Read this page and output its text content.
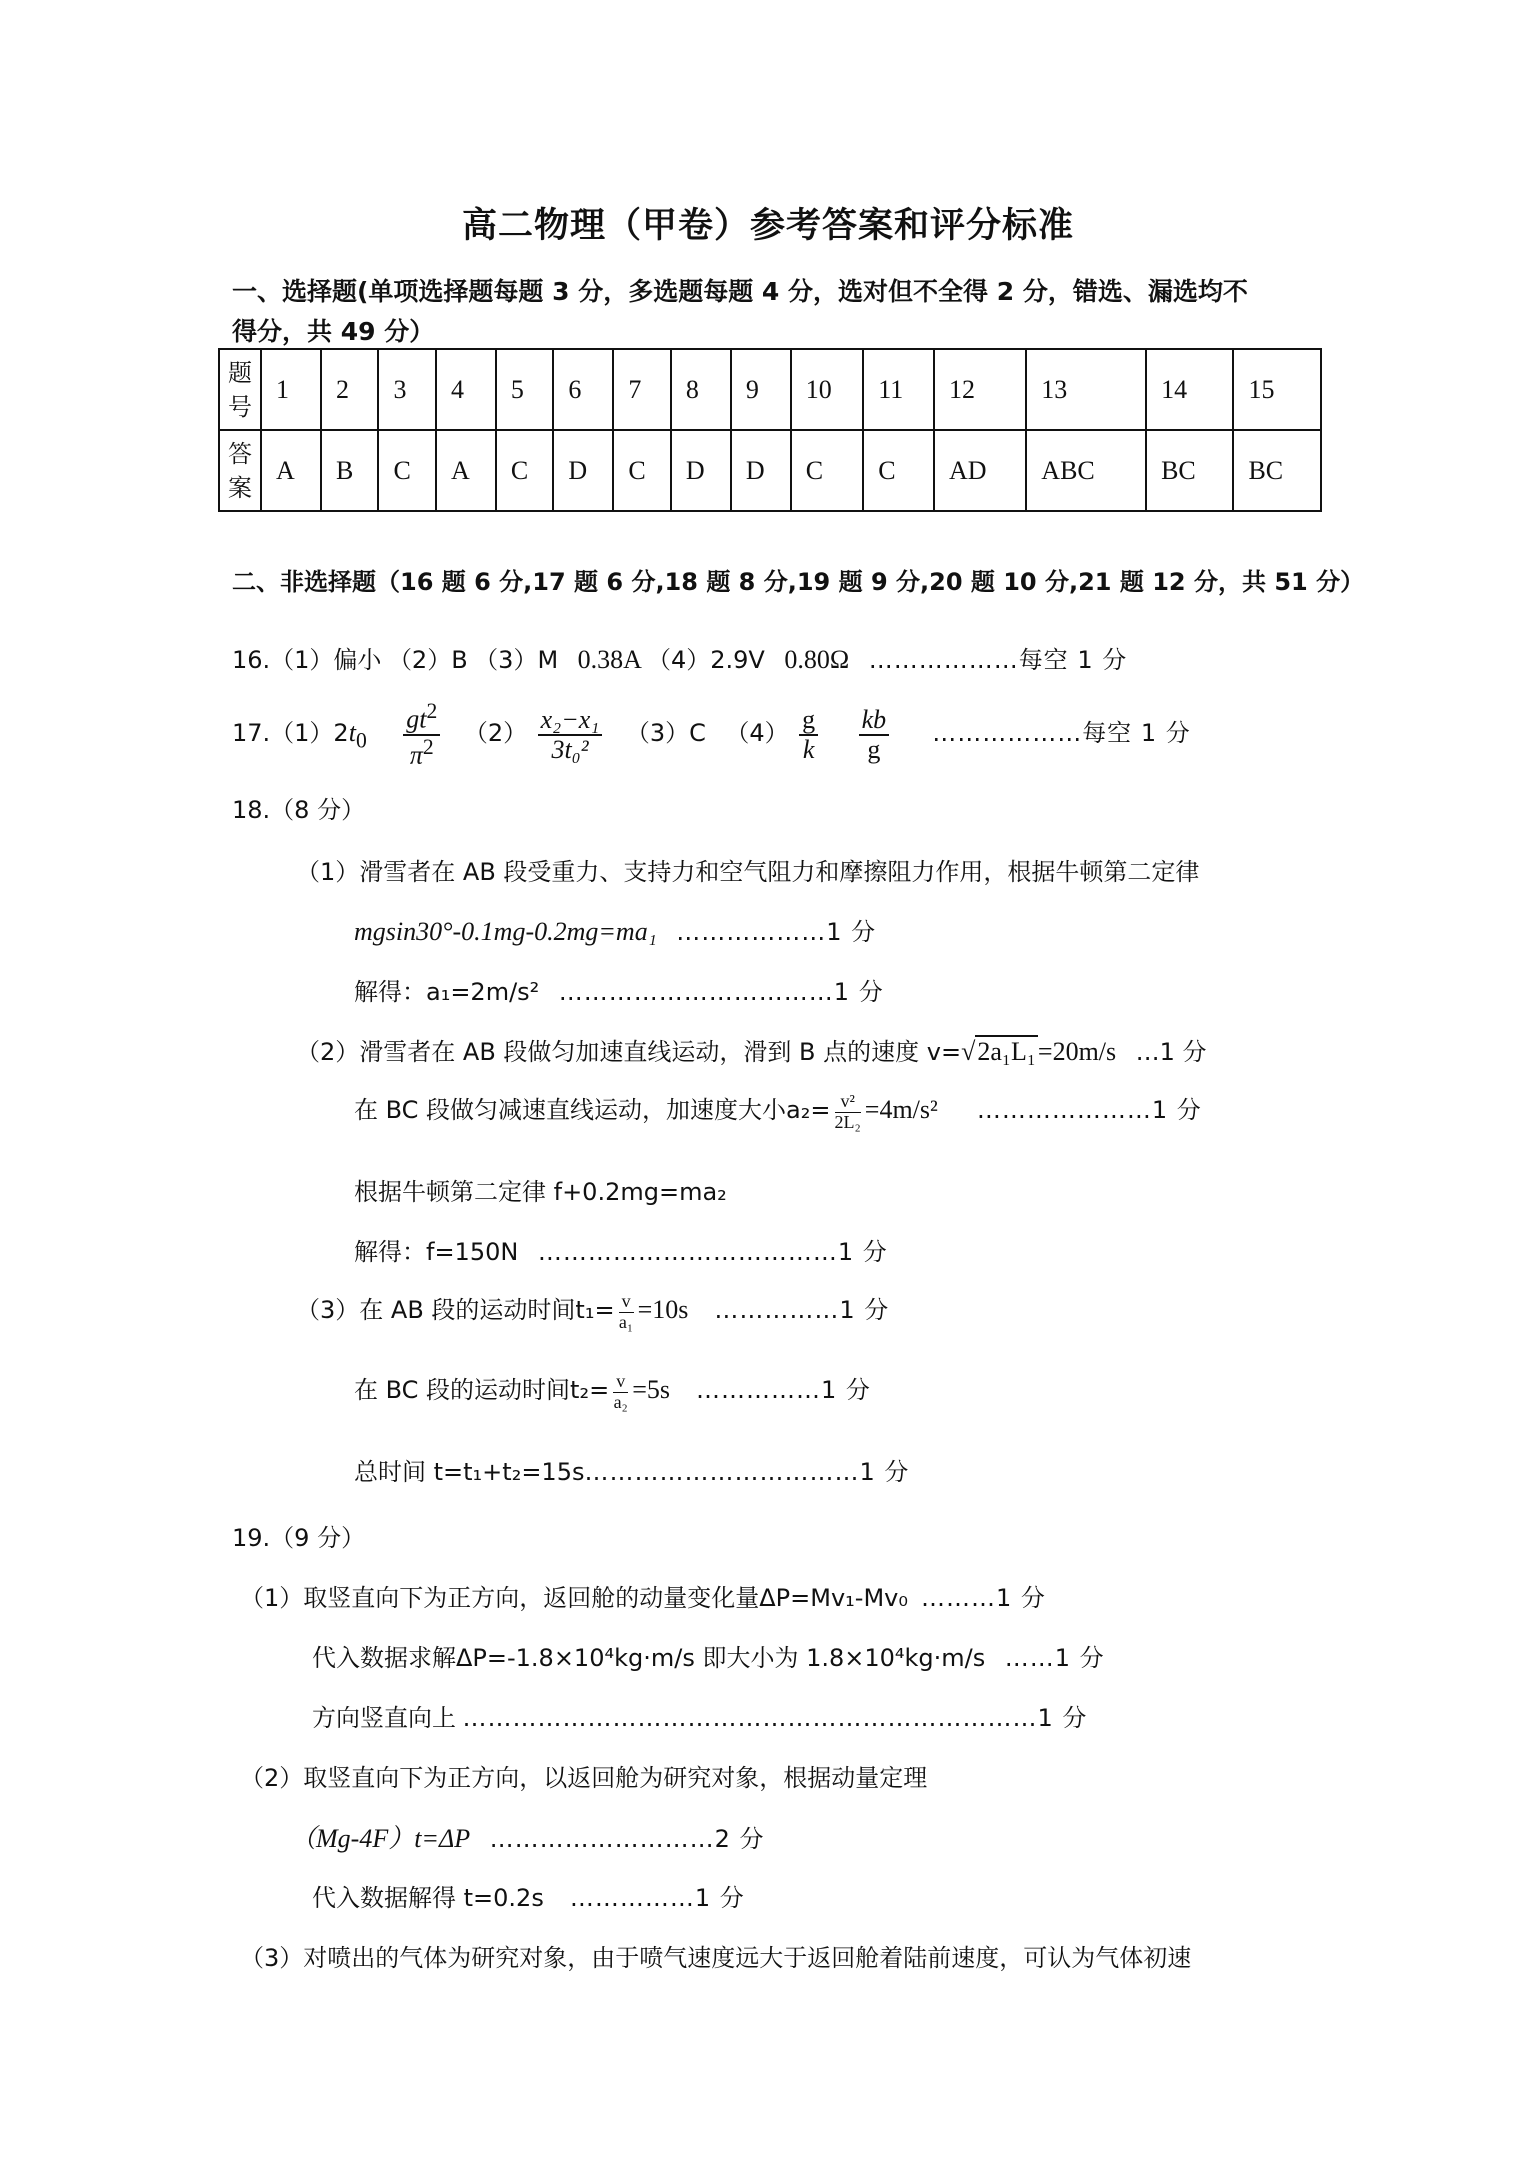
高二物理（甲卷）参考答案和评分标准
一、选择题(单项选择题每题 3 分，多选题每题 4 分，选对但不全得 2 分，错选、漏选均不
得分，共 49 分）
题
号	1	2	3	4	5	6	7	8	9	10	11	12	13	14	15
答
案	A	B	C	A	C	D	C	D	D	C	C	AD	ABC	BC	BC
二、非选择题（16 题 6 分,17 题 6 分,18 题 8 分,19 题 9 分,20 题 10 分,21 题 12 分，共 51 分）
16.（1）偏小 （2）B （3）M 0.38A （4）2.9V 0.80Ω ………………每空 1 分
$17.(1)2t_0 \frac{gt^2}{\pi^2} (2) \frac{\text{x₂−x₁}}{\text{3t₀²}} (3)C$ $(4) \frac{g}{k}$
$\frac{kb}{g}$ ………………每空 1 分
18.（8 分）
（1）滑雪者在 AB 段受重力、支持力和空气阻力和摩擦阻力作用，根据牛顿第二定律
mgsin30°-0.1mg-0.2mg=ma₁ ………………1 分
解得：a₁=2m/s² ……………………………1 分
（2）滑雪者在 AB 段做匀加速直线运动，滑到 B 点的速度 v=√2a₁L₁=20m/s …1 分
在 BC 段做匀减速直线运动，加速度大小$a_2= \frac{\text{v²}}{\text{2L₂}} =4m/s^2$ …………………1 分
根据牛顿第二定律 f+0.2mg=ma₂
解得：f=150N ………………………………1 分
（3）在 AB 段的运动时间$t_1= \frac{v}{\text{a₁}} =10s$ ……………1 分
在 BC 段的运动时间$t_2= \frac{v}{\text{a₂}} =5s$ ……………1 分
总时间 t=t₁+t₂=15s……………………………1 分
19.（9 分）
（1）取竖直向下为正方向，返回舱的动量变化量ΔP=Mv₁-Mv₀ ………1 分
代入数据求解ΔP=-1.8×10⁴kg·m/s 即大小为 1.8×10⁴kg·m/s ……1 分
方向竖直向上 ……………………………………………………………1 分
（2）取竖直向下为正方向，以返回舱为研究对象，根据动量定理
（Mg-4F）t=ΔP ………………………2 分
代入数据解得 t=0.2s ……………1 分
（3）对喷出的气体为研究对象，由于喷气速度远大于返回舱着陆前速度，可认为气体初速
